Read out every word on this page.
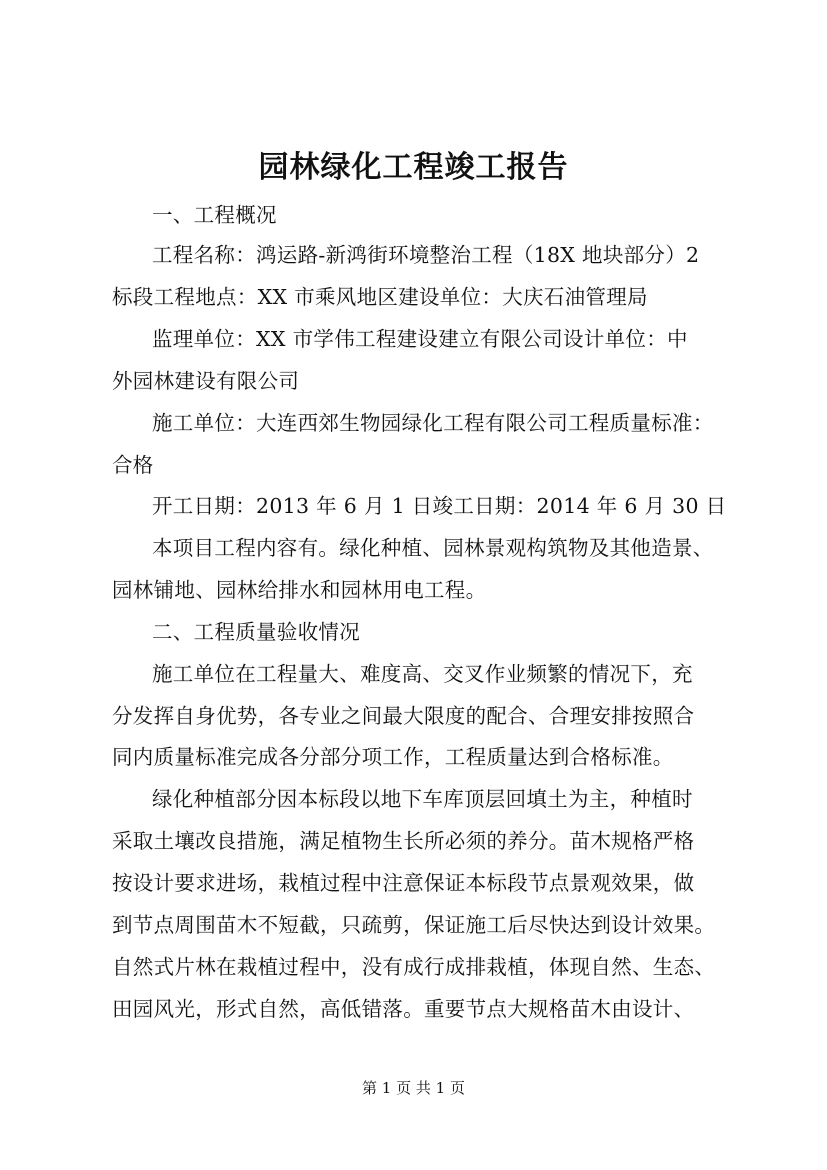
园林绿化工程竣工报告
一、工程概况
工程名称：鸿运路-新鸿街环境整治工程（18X 地块部分）2
标段工程地点：XX 市乘风地区建设单位：大庆石油管理局
监理单位：XX 市学伟工程建设建立有限公司设计单位：中
外园林建设有限公司
施工单位：大连西郊生物园绿化工程有限公司工程质量标准：
合格
开工日期：2013 年 6 月 1 日竣工日期：2014 年 6 月 30 日
本项目工程内容有。绿化种植、园林景观构筑物及其他造景、
园林铺地、园林给排水和园林用电工程。
二、工程质量验收情况
施工单位在工程量大、难度高、交叉作业频繁的情况下，充
分发挥自身优势，各专业之间最大限度的配合、合理安排按照合
同内质量标准完成各分部分项工作，工程质量达到合格标准。
绿化种植部分因本标段以地下车库顶层回填土为主，种植时
采取土壤改良措施，满足植物生长所必须的养分。苗木规格严格
按设计要求进场，栽植过程中注意保证本标段节点景观效果，做
到节点周围苗木不短截，只疏剪，保证施工后尽快达到设计效果。
自然式片林在栽植过程中，没有成行成排栽植，体现自然、生态、
田园风光，形式自然，高低错落。重要节点大规格苗木由设计、
第 1 页 共 1 页
